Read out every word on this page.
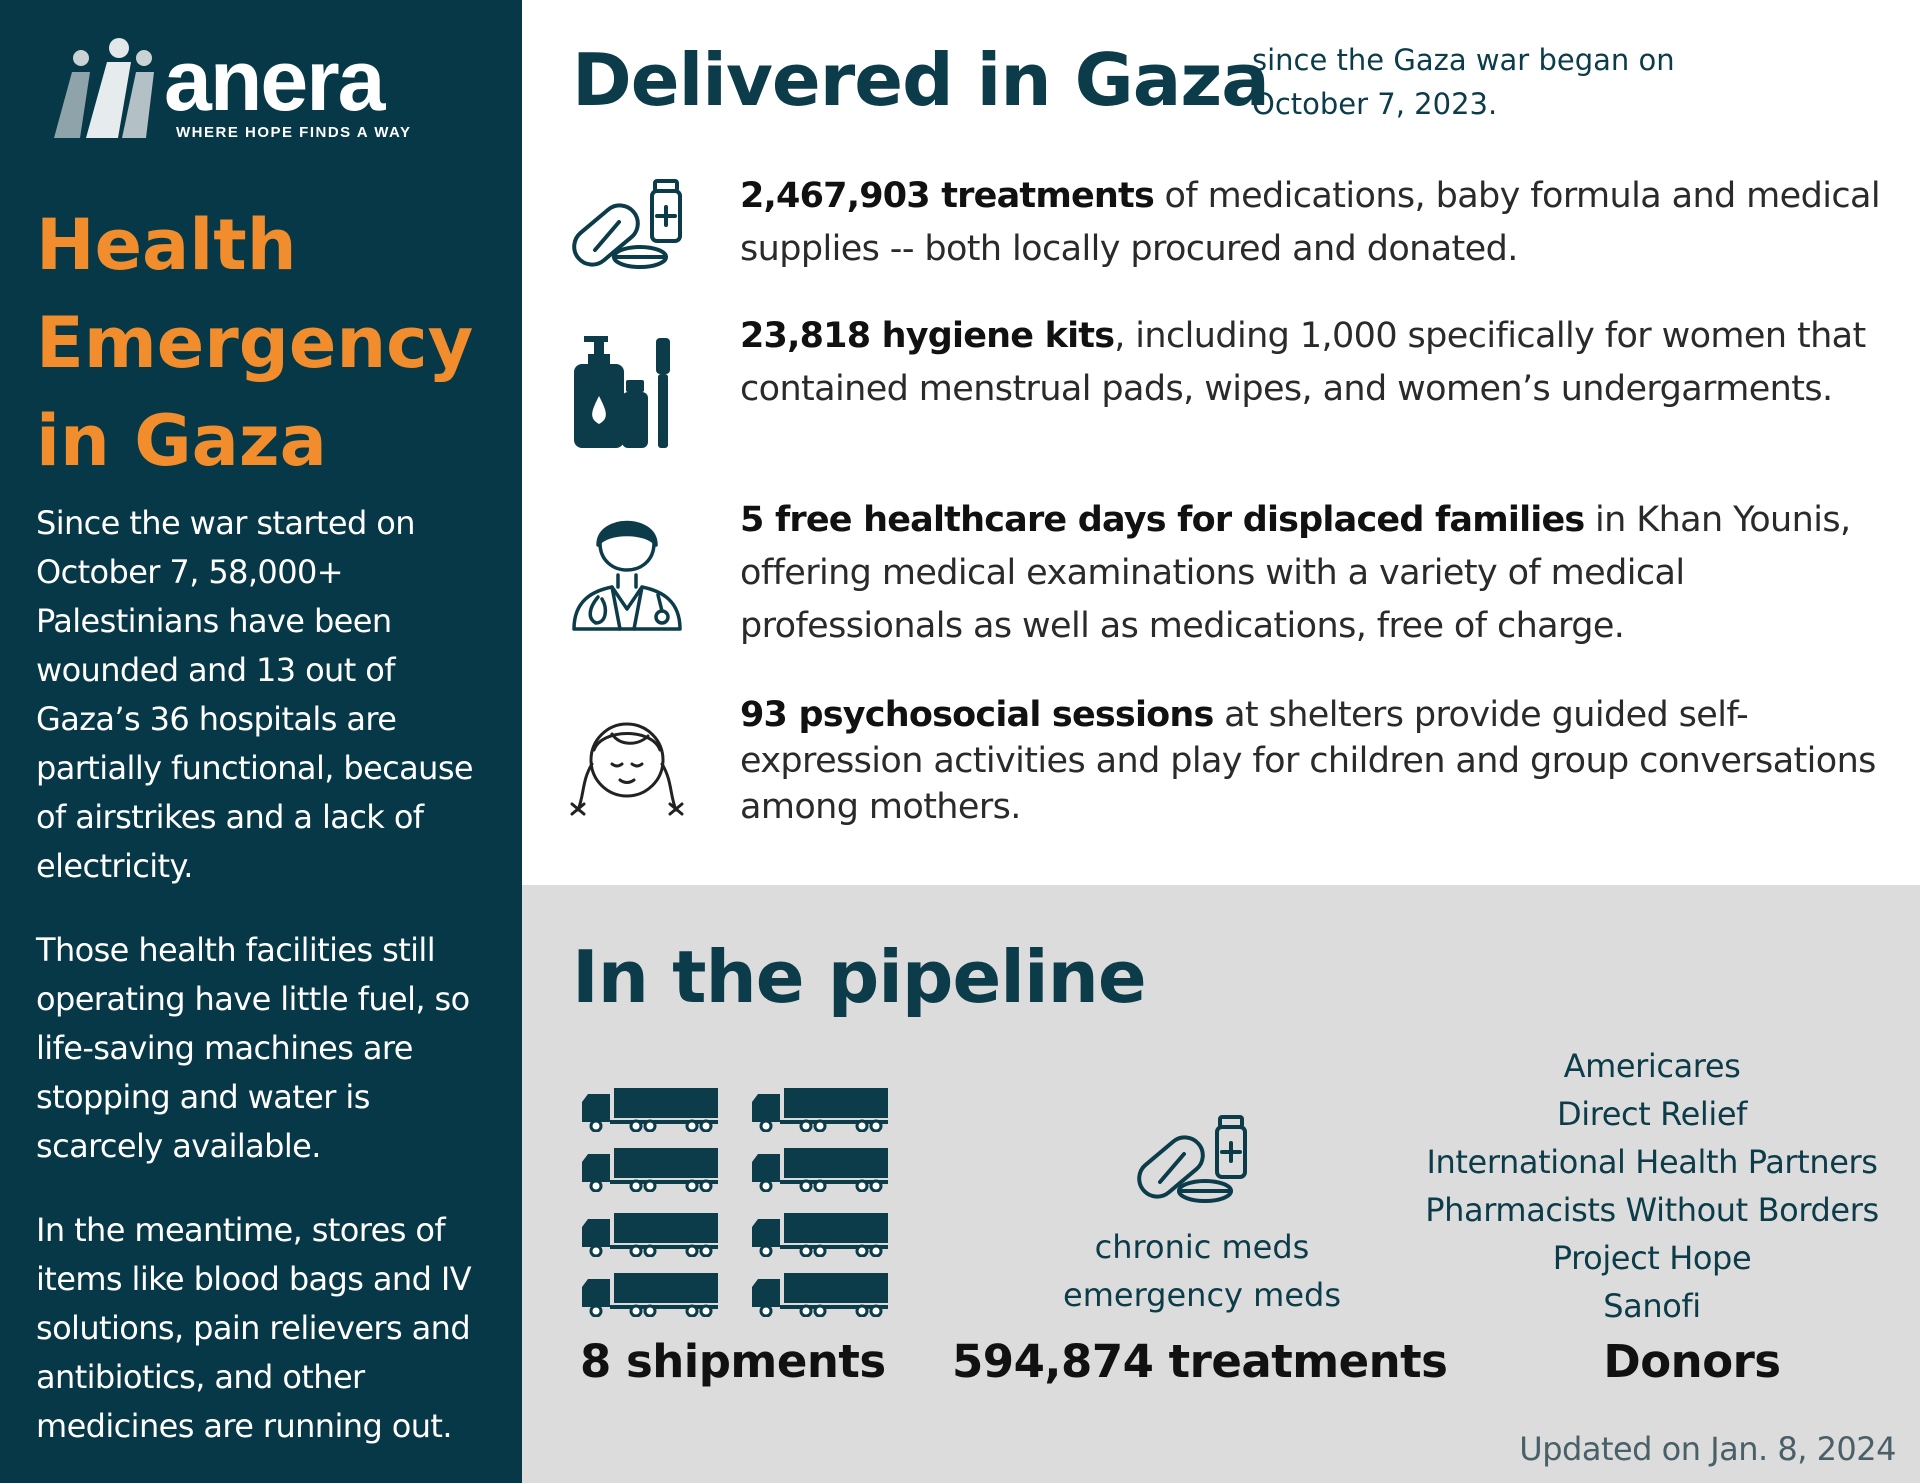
anera
WHERE HOPE FINDS A WAY
Health Emergency in Gaza

Since the war started on October 7, 58,000+ Palestinians have been wounded and 13 out of Gaza’s 36 hospitals are partially functional, because of airstrikes and a lack of electricity.

Those health facilities still operating have little fuel, so life-saving machines are stopping and water is scarcely available.

In the meantime, stores of items like blood bags and IV solutions, pain relievers and antibiotics, and other medicines are running out.

Delivered in Gaza

since the Gaza war began on October 7, 2023.

2,467,903 treatments of medications, baby formula and medical supplies -- both locally procured and donated.

23,818 hygiene kits, including 1,000 specifically for women that contained menstrual pads, wipes, and women’s undergarments.

5 free healthcare days for displaced families in Khan Younis, offering medical examinations with a variety of medical professionals as well as medications, free of charge.

93 psychosocial sessions at shelters provide guided self-expression activities and play for children and group conversations among mothers.

In the pipeline

8 shipments

chronic meds
emergency meds

594,874 treatments

Americares
Direct Relief
International Health Partners
Pharmacists Without Borders
Project Hope
Sanofi

Donors

Updated on Jan. 8, 2024
